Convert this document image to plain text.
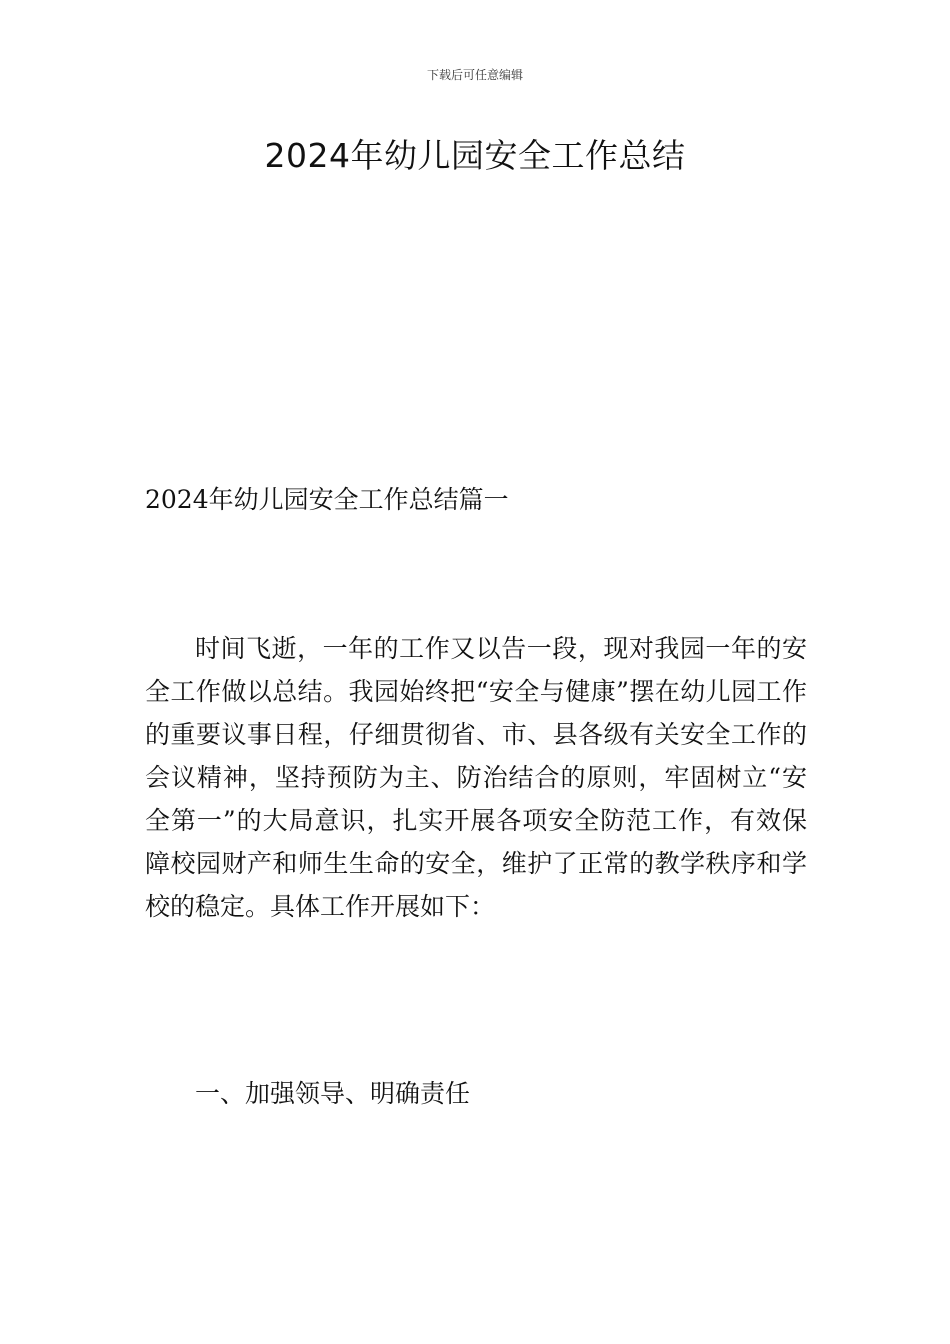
下载后可任意编辑
2024年幼儿园安全工作总结
2024年幼儿园安全工作总结篇一

时间飞逝，一年的工作又以告一段，现对我园一年的安全工作做以总结。我园始终把“安全与健康”摆在幼儿园工作的重要议事日程，仔细贯彻省、市、县各级有关安全工作的会议精神，坚持预防为主、防治结合的原则，牢固树立“安全第一”的大局意识，扎实开展各项安全防范工作，有效保障校园财产和师生生命的安全，维护了正常的教学秩序和学校的稳定。具体工作开展如下：

一、加强领导、明确责任
